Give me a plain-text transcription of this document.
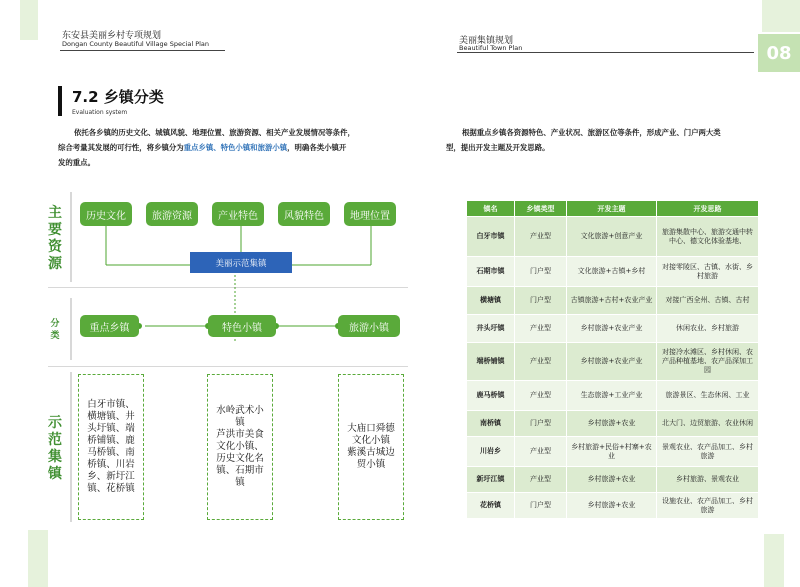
08
东安县美丽乡村专项规划
Dongan County Beautiful Village Special Plan	美丽集镇规划
Beautiful Town Plan
7.2 乡镇分类
Evaluation system
依托各乡镇的历史文化、城镇风貌、地理位置、旅游资源、相关产业发展情况等条件，
综合考量其发展的可行性，将乡镇分为重点乡镇、特色小镇和旅游小镇，明确各类小镇开
发的重点。
根据重点乡镇各资源特色、产业状况、旅游区位等条件，形成产业、门户两大类
型，提出开发主题及开发思路。
主
要
资
源
分
类
示
范
集
镇
历史文化	旅游资源	产业特色	风貌特色	地理位置
美丽示范集镇
重点乡镇	特色小镇	旅游小镇
白牙市镇、
横塘镇、井
头圩镇、端
桥铺镇、鹿
马桥镇、南
桥镇、川岩
乡、新圩江
镇、花桥镇
水岭武术小
镇
芦洪市美食
文化小镇、
历史文化名
镇、石期市
镇
大庙口舜德
文化小镇
紫溪古城边
贸小镇
镇名	乡镇类型	开发主题	开发思路
白牙市镇	产业型	文化旅游+创意产业	旅游集散中心、旅游交通中转中心、德文化体验基地、
石期市镇	门户型	文化旅游+古镇+乡村	对接零陵区、古镇、水街、乡村旅游
横塘镇	门户型	古镇旅游+古村+农业产业	对接广西全州、古镇、古村
井头圩镇	产业型	乡村旅游+农业产业	休闲农业、乡村旅游
端桥铺镇	产业型	乡村旅游+农业产业	对接冷水滩区、乡村休闲、农产品种植基地、农产品深加工园
鹿马桥镇	产业型	生态旅游+工业产业	旅游景区、生态休闲、工业
南桥镇	门户型	乡村旅游+农业	北大门、边贸旅游、农业休闲
川岩乡	产业型	乡村旅游+民俗+村寨+农业	景观农业、农产品加工、乡村旅游
新圩江镇	产业型	乡村旅游+农业	乡村旅游、景观农业
花桥镇	门户型	乡村旅游+农业	设施农业、农产品加工、乡村旅游
